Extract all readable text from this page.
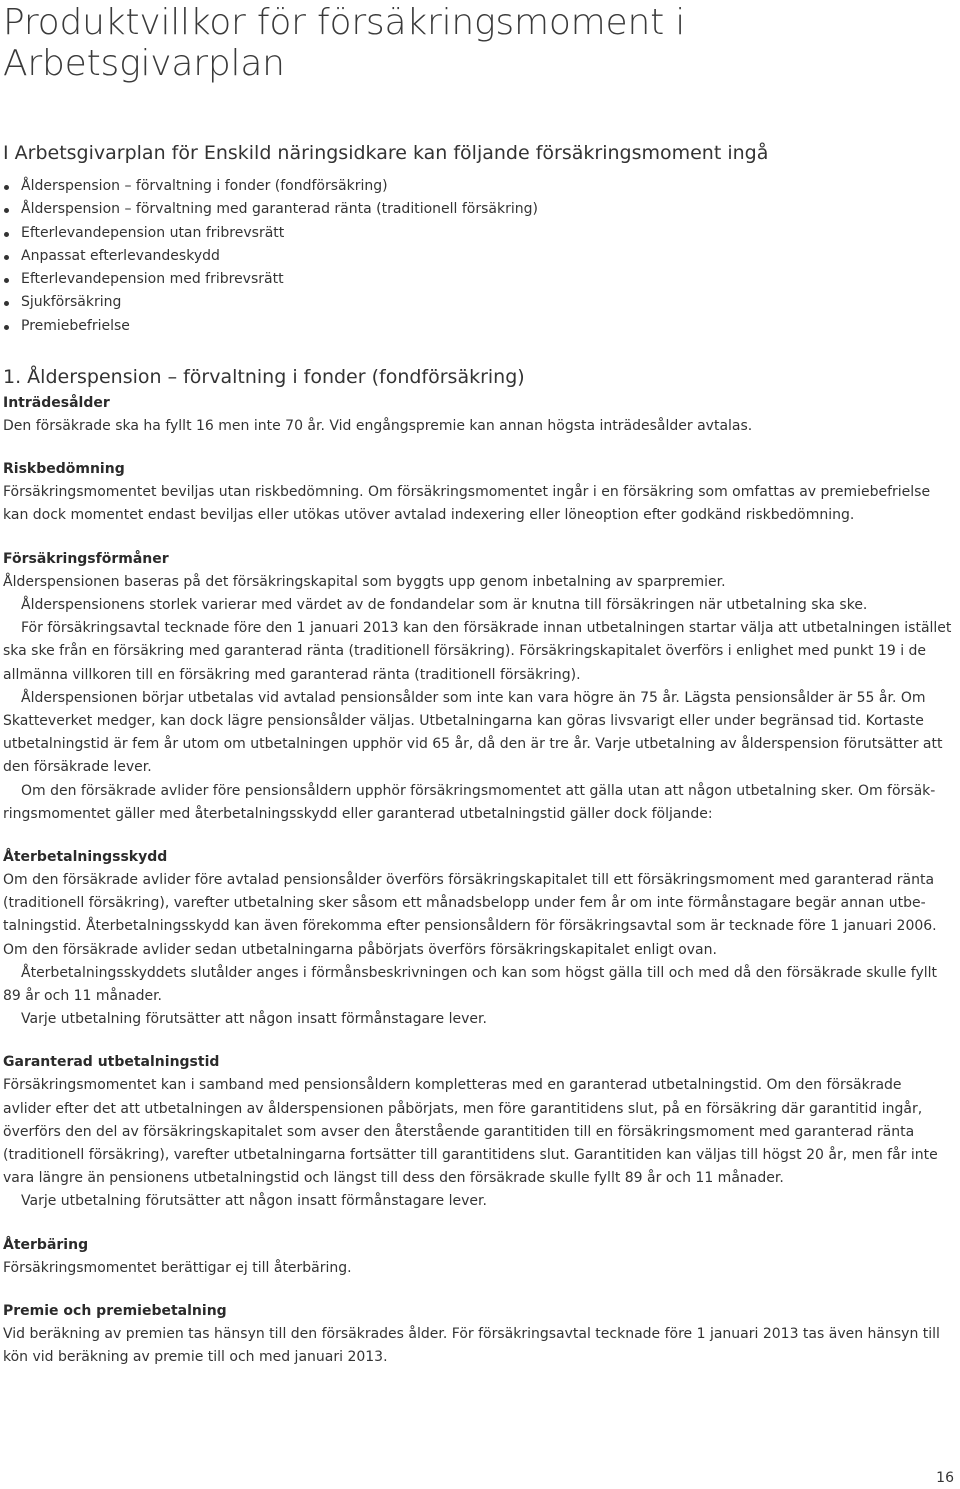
Produktvillkor för försäkringsmoment i Arbetsgivarplan

I Arbetsgivarplan för Enskild näringsidkare kan följande försäkringsmoment ingå

Ålderspension – förvaltning i fonder (fondförsäkring)
Ålderspension – förvaltning med garanterad ränta (traditionell försäkring)
Efterlevandepension utan fribrevsrätt
Anpassat efterlevandeskydd
Efterlevandepension med fribrevsrätt
Sjukförsäkring
Premiebefrielse
1. Ålderspension – förvaltning i fonder (fondförsäkring)
Inträdesålder

Den försäkrade ska ha fyllt 16 men inte 70 år. Vid engångspremie kan annan högsta inträdesålder avtalas.

Riskbedömning

Försäkringsmomentet beviljas utan riskbedömning. Om försäkringsmomentet ingår i en försäkring som omfattas av premiebefrielse kan dock momentet endast beviljas eller utökas utöver avtalad indexering eller löneoption efter godkänd riskbedömning.

Försäkringsförmåner

Ålderspensionen baseras på det försäkringskapital som byggts upp genom inbetalning av sparpremier.

Ålderspensionens storlek varierar med värdet av de fondandelar som är knutna till försäkringen när utbetalning ska ske.

För försäkringsavtal tecknade före den 1 januari 2013 kan den försäkrade innan utbetalningen startar välja att utbetalningen istället ska ske från en försäkring med garanterad ränta (traditionell försäkring). Försäkringskapitalet överförs i enlighet med punkt 19 i de allmänna villkoren till en försäkring med garanterad ränta (traditionell försäkring).

Ålderspensionen börjar utbetalas vid avtalad pensionsålder som inte kan vara högre än 75 år. Lägsta pensionsålder är 55 år. Om Skatteverket medger, kan dock lägre pensionsålder väljas. Utbetalningarna kan göras livsvarigt eller under begränsad tid. Kortaste utbetalningstid är fem år utom om utbetalningen upphör vid 65 år, då den är tre år. Varje utbetalning av ålderspension förutsätter att den försäkrade lever.

Om den försäkrade avlider före pensionsåldern upphör försäkringsmomentet att gälla utan att någon utbetalning sker. Om försäkringsmomentet gäller med återbetalningsskydd eller garanterad utbetalningstid gäller dock följande:

Återbetalningsskydd

Om den försäkrade avlider före avtalad pensionsålder överförs försäkringskapitalet till ett försäkringsmoment med garanterad ränta (traditionell försäkring), varefter utbetalning sker såsom ett månadsbelopp under fem år om inte förmånstagare begär annan utbetalningstid. Återbetalningsskydd kan även förekomma efter pensionsåldern för försäkringsavtal som är tecknade före 1 januari 2006. Om den försäkrade avlider sedan utbetalningarna påbörjats överförs försäkringskapitalet enligt ovan.

Återbetalningsskyddets slutålder anges i förmånsbeskrivningen och kan som högst gälla till och med då den försäkrade skulle fyllt 89 år och 11 månader.

Varje utbetalning förutsätter att någon insatt förmånstagare lever.

Garanterad utbetalningstid

Försäkringsmomentet kan i samband med pensionsåldern kompletteras med en garanterad utbetalningstid. Om den försäkrade avlider efter det att utbetalningen av ålderspensionen påbörjats, men före garantitidens slut, på en försäkring där garantitid ingår, överförs den del av försäkringskapitalet som avser den återstående garantitiden till en försäkringsmoment med garanterad ränta (traditionell försäkring), varefter utbetalningarna fortsätter till garantitidens slut. Garantitiden kan väljas till högst 20 år, men får inte vara längre än pensionens utbetalningstid och längst till dess den försäkrade skulle fyllt 89 år och 11 månader.

Varje utbetalning förutsätter att någon insatt förmånstagare lever.

Återbäring

Försäkringsmomentet berättigar ej till återbäring.

Premie och premiebetalning

Vid beräkning av premien tas hänsyn till den försäkrades ålder. För försäkringsavtal tecknade före 1 januari 2013 tas även hänsyn till kön vid beräkning av premie till och med januari 2013.

16
